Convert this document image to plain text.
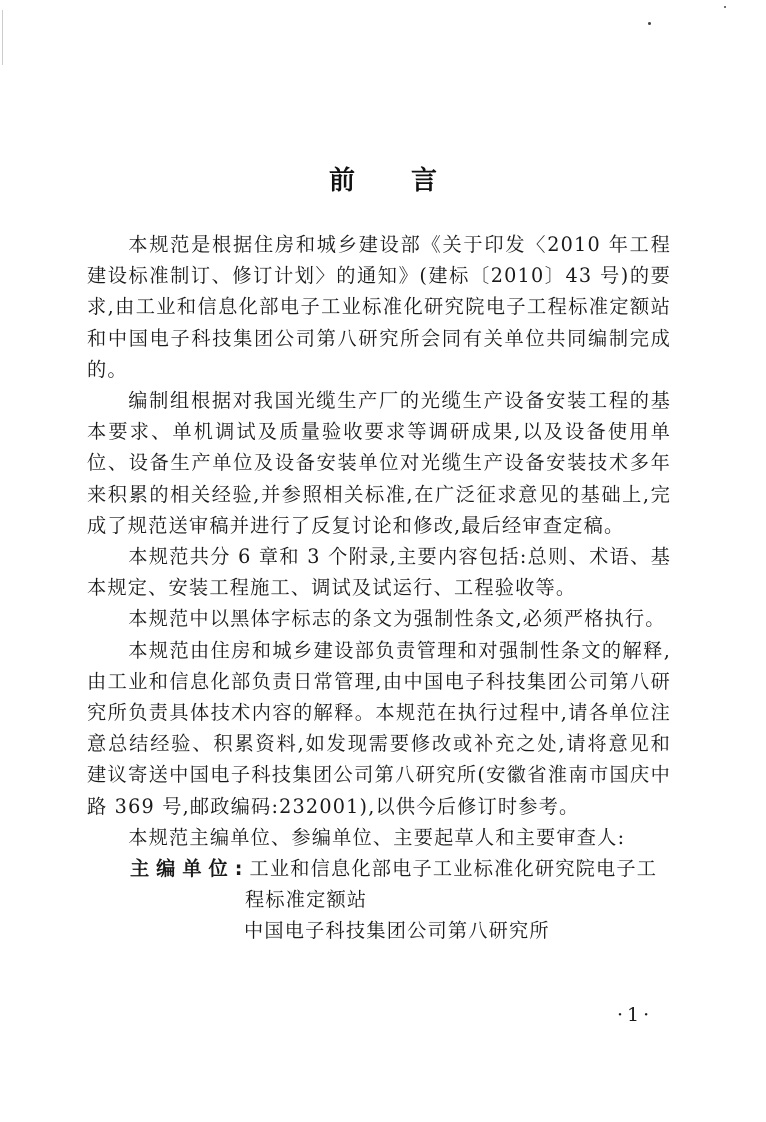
前 言

本规范是根据住房和城乡建设部《关于印发〈2010 年工程建设标准制订、修订计划〉的通知》(建标〔2010〕43 号)的要求,由工业和信息化部电子工业标准化研究院电子工程标准定额站和中国电子科技集团公司第八研究所会同有关单位共同编制完成的。

编制组根据对我国光缆生产厂的光缆生产设备安装工程的基本要求、单机调试及质量验收要求等调研成果,以及设备使用单位、设备生产单位及设备安装单位对光缆生产设备安装技术多年来积累的相关经验,并参照相关标准,在广泛征求意见的基础上,完成了规范送审稿并进行了反复讨论和修改,最后经审查定稿。

本规范共分 6 章和 3 个附录,主要内容包括:总则、术语、基本规定、安装工程施工、调试及试运行、工程验收等。

本规范中以黑体字标志的条文为强制性条文,必须严格执行。

本规范由住房和城乡建设部负责管理和对强制性条文的解释,由工业和信息化部负责日常管理,由中国电子科技集团公司第八研究所负责具体技术内容的解释。本规范在执行过程中,请各单位注意总结经验、积累资料,如发现需要修改或补充之处,请将意见和建议寄送中国电子科技集团公司第八研究所(安徽省淮南市国庆中路 369 号,邮政编码:232001),以供今后修订时参考。

本规范主编单位、参编单位、主要起草人和主要审查人:

主编单位:工业和信息化部电子工业标准化研究院电子工
程标准定额站
中国电子科技集团公司第八研究所
·1·
